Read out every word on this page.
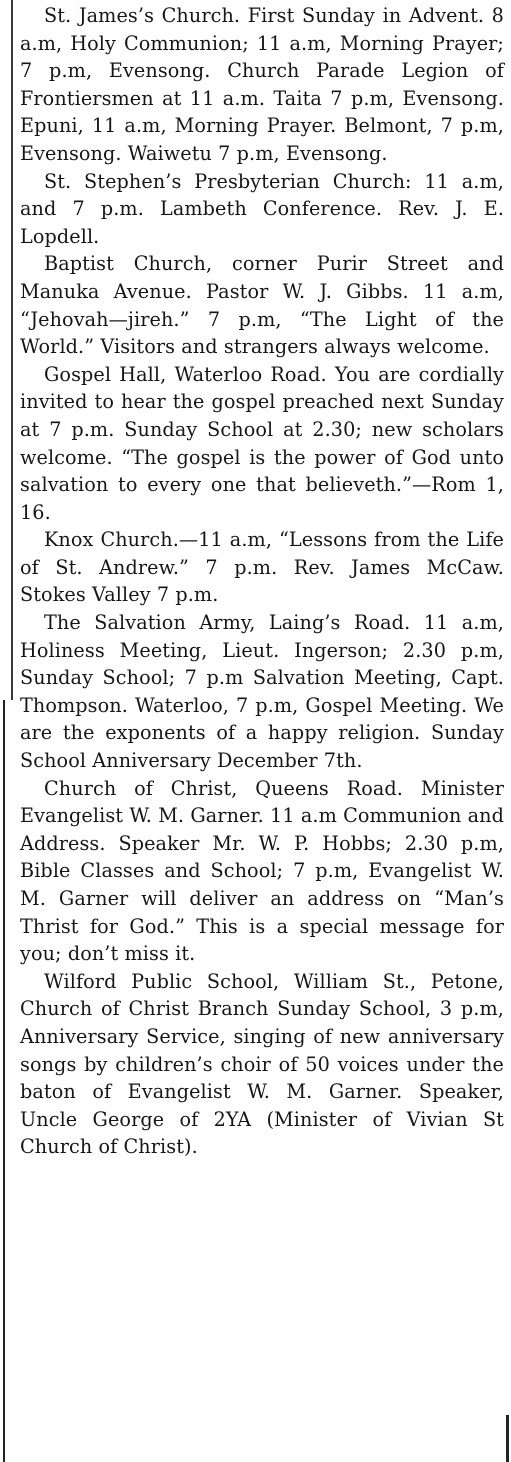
St. James’s Church. First Sunday in Advent. 8 a.m, Holy Communion; 11 a.m, Morning Prayer; 7 p.m, Evensong. Church Parade Legion of Frontiersmen at 11 a.m. Taita 7 p.m, Evensong. Epuni, 11 a.m, Morning Prayer. Belmont, 7 p.m, Evensong. Waiwetu 7 p.m, Evensong.

St. Stephen’s Presbyterian Church: 11 a.m, and 7 p.m. Lambeth Conference. Rev. J. E. Lopdell.

Baptist Church, corner Purir Street and Manuka Avenue. Pastor W. J. Gibbs. 11 a.m, “Jehovah—jireh.” 7 p.m, “The Light of the World.” Visitors and strangers always welcome.

Gospel Hall, Waterloo Road. You are cordially invited to hear the gospel preached next Sunday at 7 p.m. Sunday School at 2.30; new scholars welcome. “The gospel is the power of God unto salvation to every one that believeth.”—Rom 1, 16.

Knox Church.—11 a.m, “Lessons from the Life of St. Andrew.” 7 p.m. Rev. James McCaw. Stokes Valley 7 p.m.

The Salvation Army, Laing’s Road. 11 a.m, Holiness Meeting, Lieut. Ingerson; 2.30 p.m, Sunday School; 7 p.m Salvation Meeting, Capt. Thompson. Waterloo, 7 p.m, Gospel Meeting. We are the exponents of a happy religion. Sunday School Anniversary December 7th.

Church of Christ, Queens Road. Minister Evangelist W. M. Garner. 11 a.m Communion and Address. Speaker Mr. W. P. Hobbs; 2.30 p.m, Bible Classes and School; 7 p.m, Evangelist W. M. Garner will deliver an address on “Man’s Thrist for God.” This is a special message for you; don’t miss it.

Wilford Public School, William St., Petone, Church of Christ Branch Sunday School, 3 p.m, Anniversary Service, singing of new anniversary songs by children’s choir of 50 voices under the baton of Evangelist W. M. Garner. Speaker, Uncle George of 2YA (Minister of Vivian St Church of Christ).
